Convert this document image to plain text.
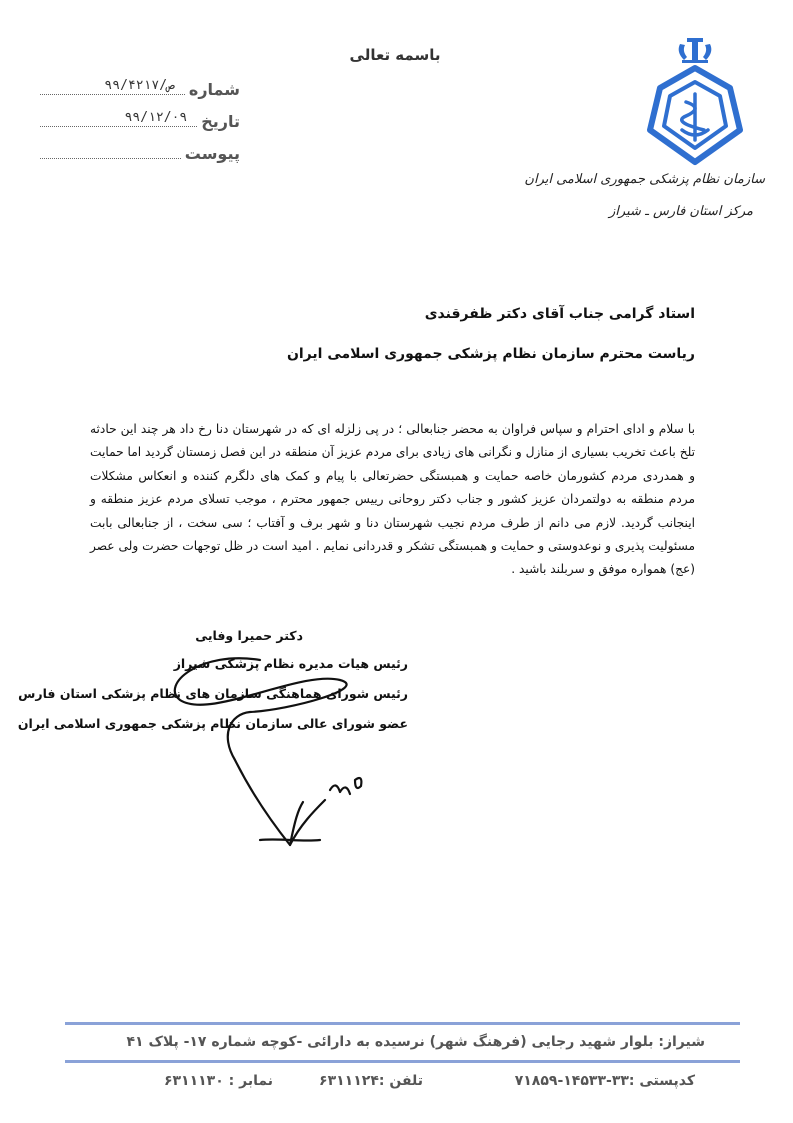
باسمه تعالی
شماره
۹۹/۴۲۱۷/ص
تاریخ
۹۹/۱۲/۰۹
پیوست
سازمان نظام پزشکی جمهوری اسلامی ایران
مرکز استان فارس ـ شیراز
استاد گرامی جناب آقای دکتر ظفرقندی
ریاست محترم سازمان نظام پزشکی جمهوری اسلامی ایران
با سلام و ادای احترام و سپاس فراوان به محضر جنابعالی ؛ در پی زلزله ای که در شهرستان دنا رخ داد هر چند این حادثه تلخ باعث تخریب بسیاری از منازل و نگرانی های زیادی برای مردم عزیز آن منطقه در این فصل زمستان گردید اما حمایت و همدردی مردم کشورمان خاصه حمایت و همبستگی حضرتعالی با پیام و کمک های دلگرم کننده و انعکاس مشکلات مردم منطقه به دولتمردان عزیز کشور و جناب دکتر روحانی رییس جمهور محترم ، موجب تسلای مردم عزیز منطقه و اینجانب گردید. لازم می دانم از طرف مردم نجیب شهرستان دنا و شهر برف و آفتاب ؛ سی سخت ، از جنابعالی بابت مسئولیت پذیری و نوعدوستی و حمایت و همبستگی تشکر و قدردانی نمایم . امید است در ظل توجهات حضرت ولی عصر (عج) همواره موفق و سربلند باشید .
دکتر حمیرا وفایی
رئیس هیات مدیره نظام پزشکی شیراز
رئیس شورای هماهنگی سازمان های نظام پزشکی استان فارس
عضو شورای عالی سازمان نظام پزشکی جمهوری اسلامی ایران
شیراز: بلوار شهید رجایی (فرهنگ شهر) نرسیده به دارائی -کوچه شماره ۱۷- پلاک ۴۱
کدپستی :۳۳-۱۴۵۳۳-۷۱۸۵۹
تلفن :۶۳۱۱۱۲۴
نمابر : ۶۳۱۱۱۳۰
